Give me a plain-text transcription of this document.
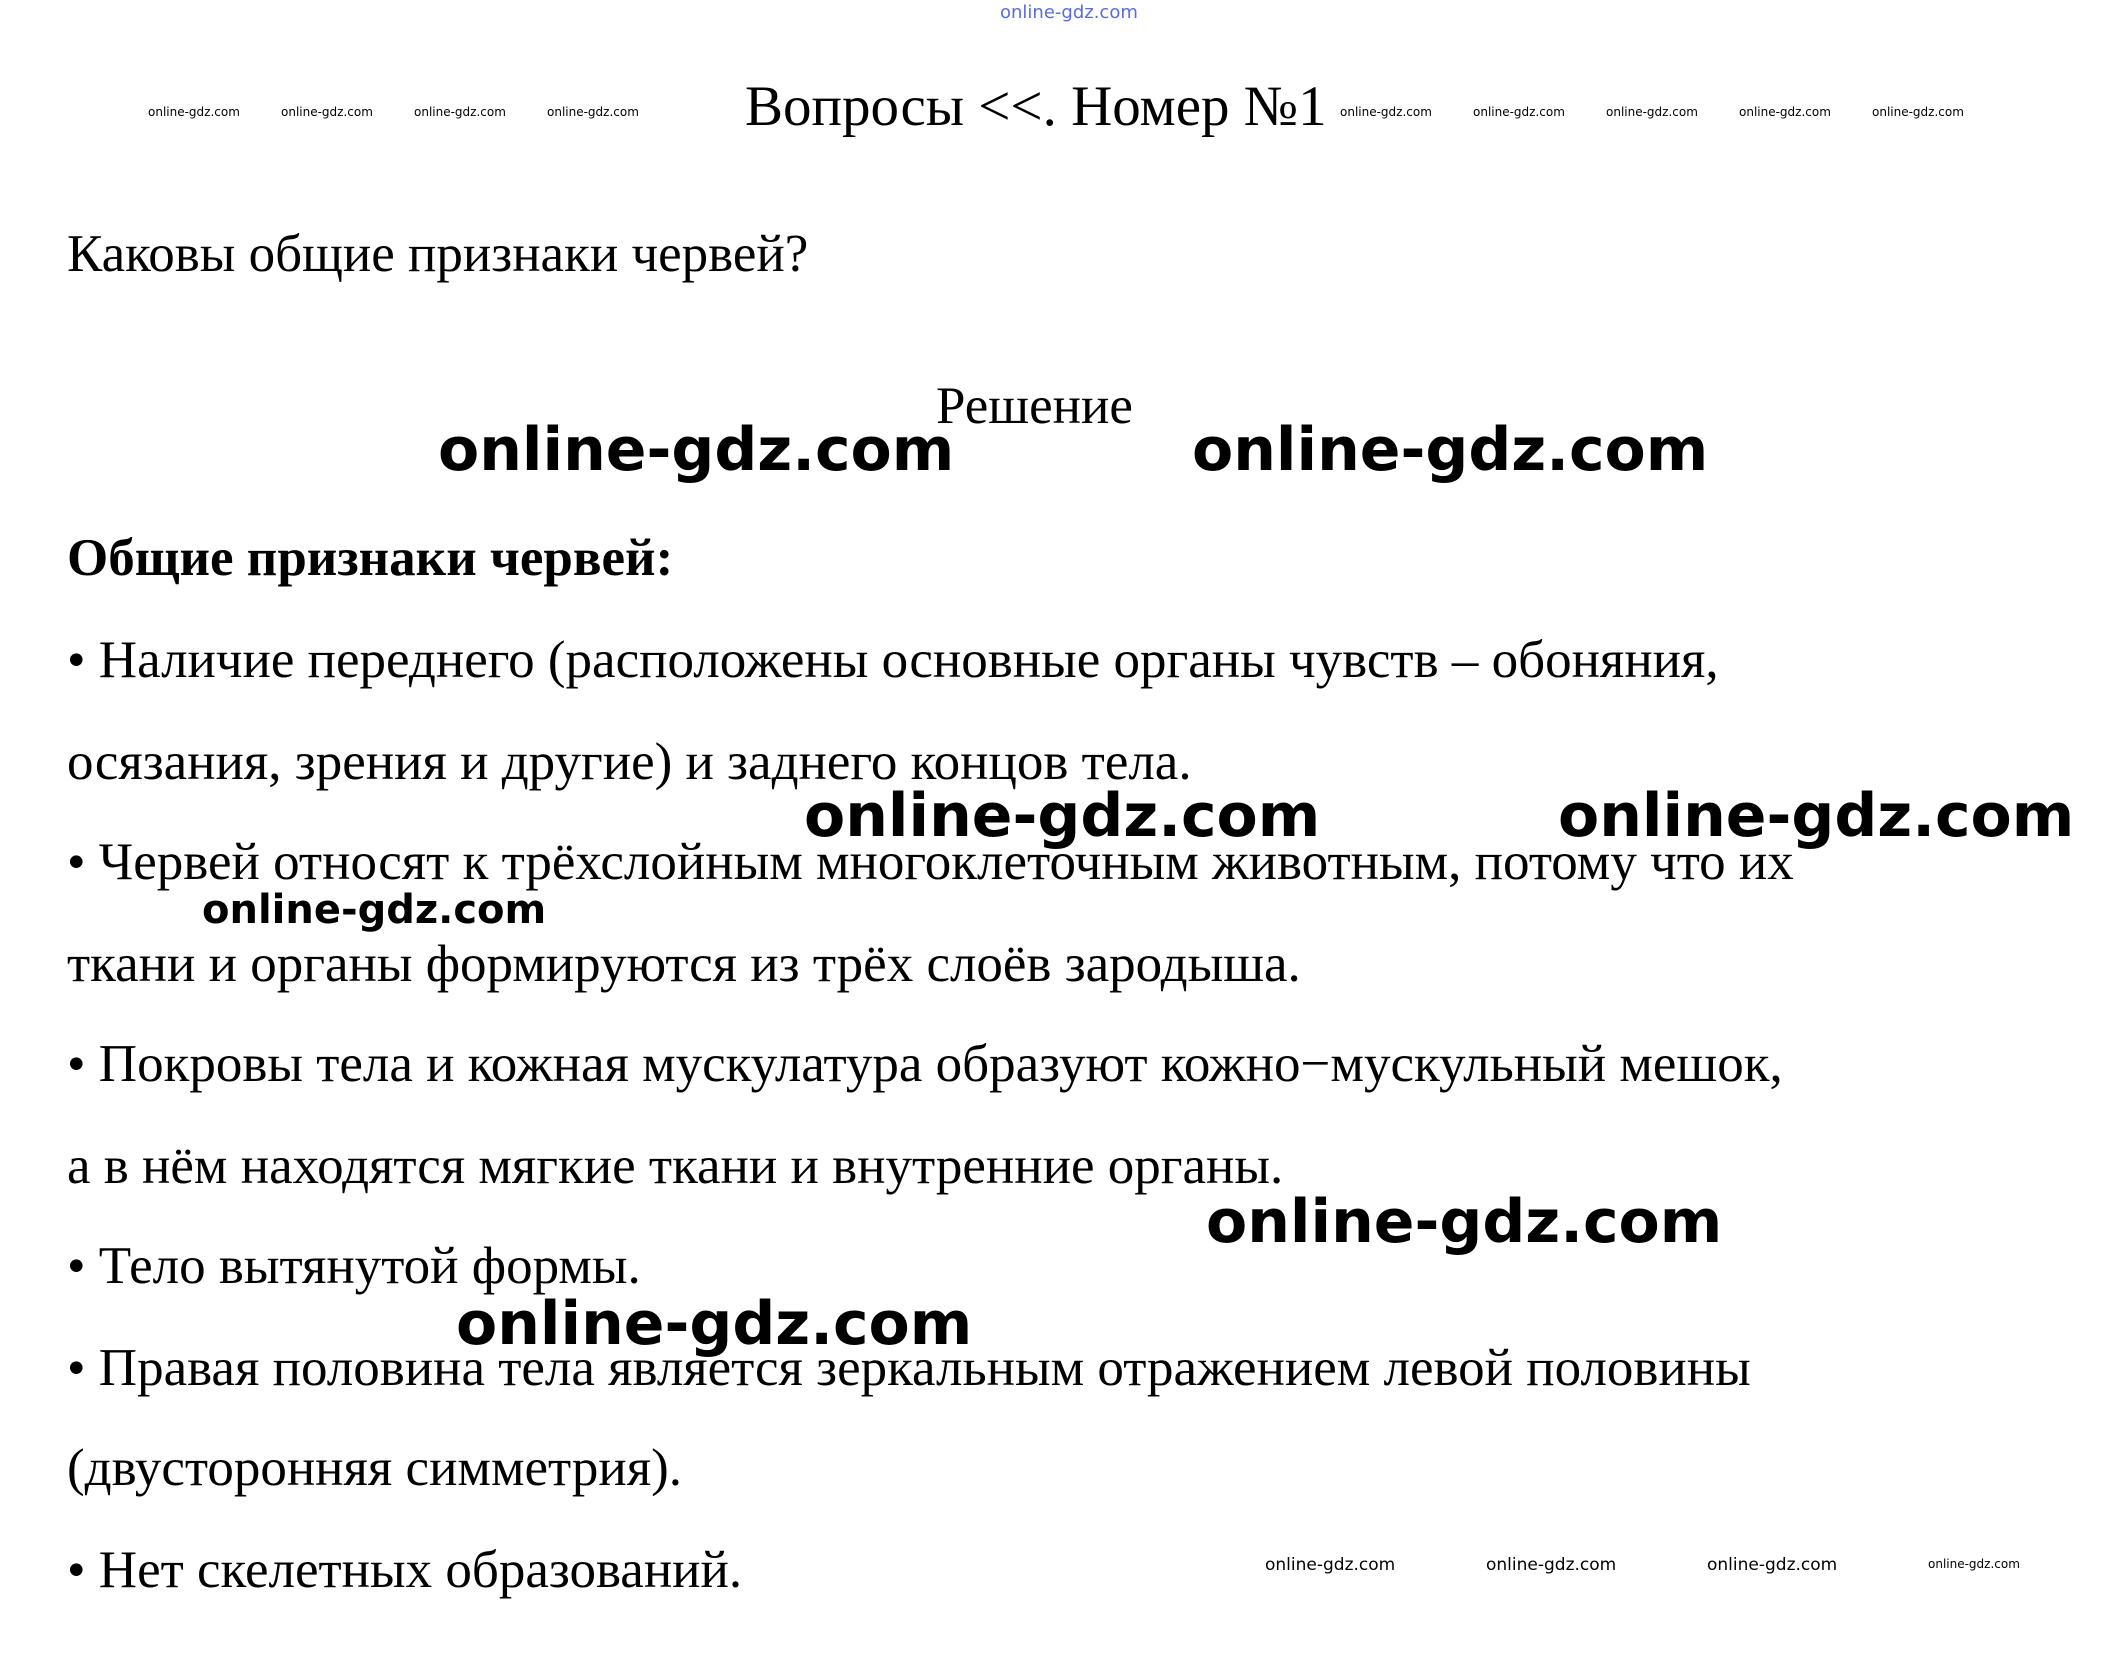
online-gdz.com
online-gdz.com	online-gdz.com	online-gdz.com	online-gdz.com	online-gdz.com	online-gdz.com	online-gdz.com	online-gdz.com	online-gdz.com
Вопросы <<. Номер №1
Каковы общие признаки червей?
Решение
online-gdz.com	online-gdz.com
Общие признаки червей:
• Наличие переднего (расположены основные органы чувств – обоняния,
осязания, зрения и другие) и заднего концов тела.
• Червей относят к трёхслойным многоклеточным животным, потому что их
ткани и органы формируются из трёх слоёв зародыша.
• Покровы тела и кожная мускулатура образуют кожно−мускульный мешок,
а в нём находятся мягкие ткани и внутренние органы.
• Тело вытянутой формы.
• Правая половина тела является зеркальным отражением левой половины
(двусторонняя симметрия).
• Нет скелетных образований.
online-gdz.com	online-gdz.com
online-gdz.com
online-gdz.com
online-gdz.com
online-gdz.com	online-gdz.com	online-gdz.com	online-gdz.com
